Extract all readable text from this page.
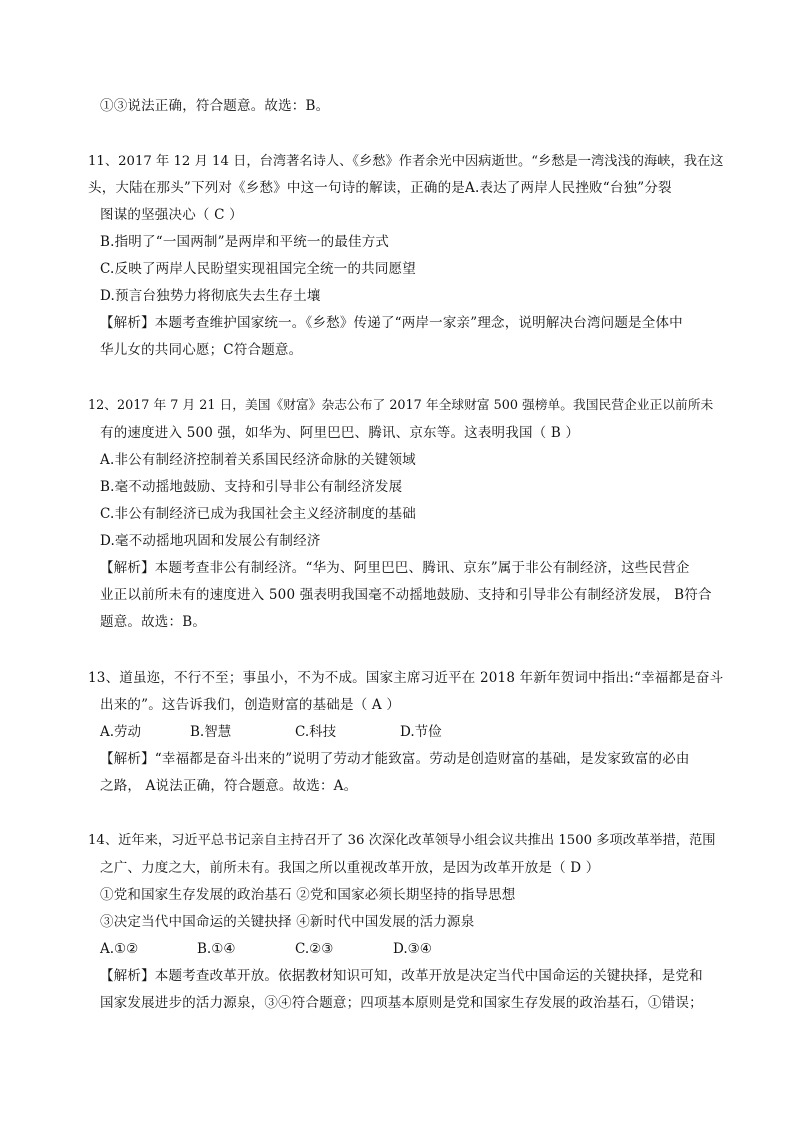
①③说法正确，符合题意。故选：B。
11、2017 年 12 月 14 日，台湾著名诗人、《乡愁》作者余光中因病逝世。“乡愁是一湾浅浅的海峡，我在这
头，大陆在那头”下列对《乡愁》中这一句诗的解读，正确的是A.表达了两岸人民挫败“台独”分裂
图谋的坚强决心（ C ）
B.指明了“一国两制”是两岸和平统一的最佳方式
C.反映了两岸人民盼望实现祖国完全统一的共同愿望
D.预言台独势力将彻底失去生存土壤
【解析】本题考查维护国家统一。《乡愁》传递了“两岸一家亲”理念，说明解决台湾问题是全体中
华儿女的共同心愿；C符合题意。
12、2017 年 7 月 21 日，美国《财富》杂志公布了 2017 年全球财富 500 强榜单。我国民营企业正以前所未
有的速度进入 500 强，如华为、阿里巴巴、腾讯、京东等。这表明我国（ B ）
A.非公有制经济控制着关系国民经济命脉的关键领域
B.毫不动摇地鼓励、支持和引导非公有制经济发展
C.非公有制经济已成为我国社会主义经济制度的基础
D.毫不动摇地巩固和发展公有制经济
【解析】本题考查非公有制经济。“华为、阿里巴巴、腾讯、京东”属于非公有制经济，这些民营企
业正以前所未有的速度进入 500 强表明我国毫不动摇地鼓励、支持和引导非公有制经济发展， B符合
题意。故选：B。
13、道虽迩，不行不至；事虽小，不为不成。国家主席习近平在 2018 年新年贺词中指出:“幸福都是奋斗
出来的”。这告诉我们，创造财富的基础是（ A ）
A.劳动	B.智慧	C.科技	D.节俭
【解析】“幸福都是奋斗出来的”说明了劳动才能致富。劳动是创造财富的基础，是发家致富的必由
之路， A说法正确，符合题意。故选：A。
14、近年来，习近平总书记亲自主持召开了 36 次深化改革领导小组会议共推出 1500 多项改革举措，范围
之广、力度之大，前所未有。我国之所以重视改革开放，是因为改革开放是（ D ）
①党和国家生存发展的政治基石 ②党和国家必须长期坚持的指导思想
③决定当代中国命运的关键抉择 ④新时代中国发展的活力源泉
A.①②	B.①④	C.②③	D.③④
【解析】本题考查改革开放。依据教材知识可知，改革开放是决定当代中国命运的关键抉择，是党和
国家发展进步的活力源泉，③④符合题意；四项基本原则是党和国家生存发展的政治基石，①错误；
